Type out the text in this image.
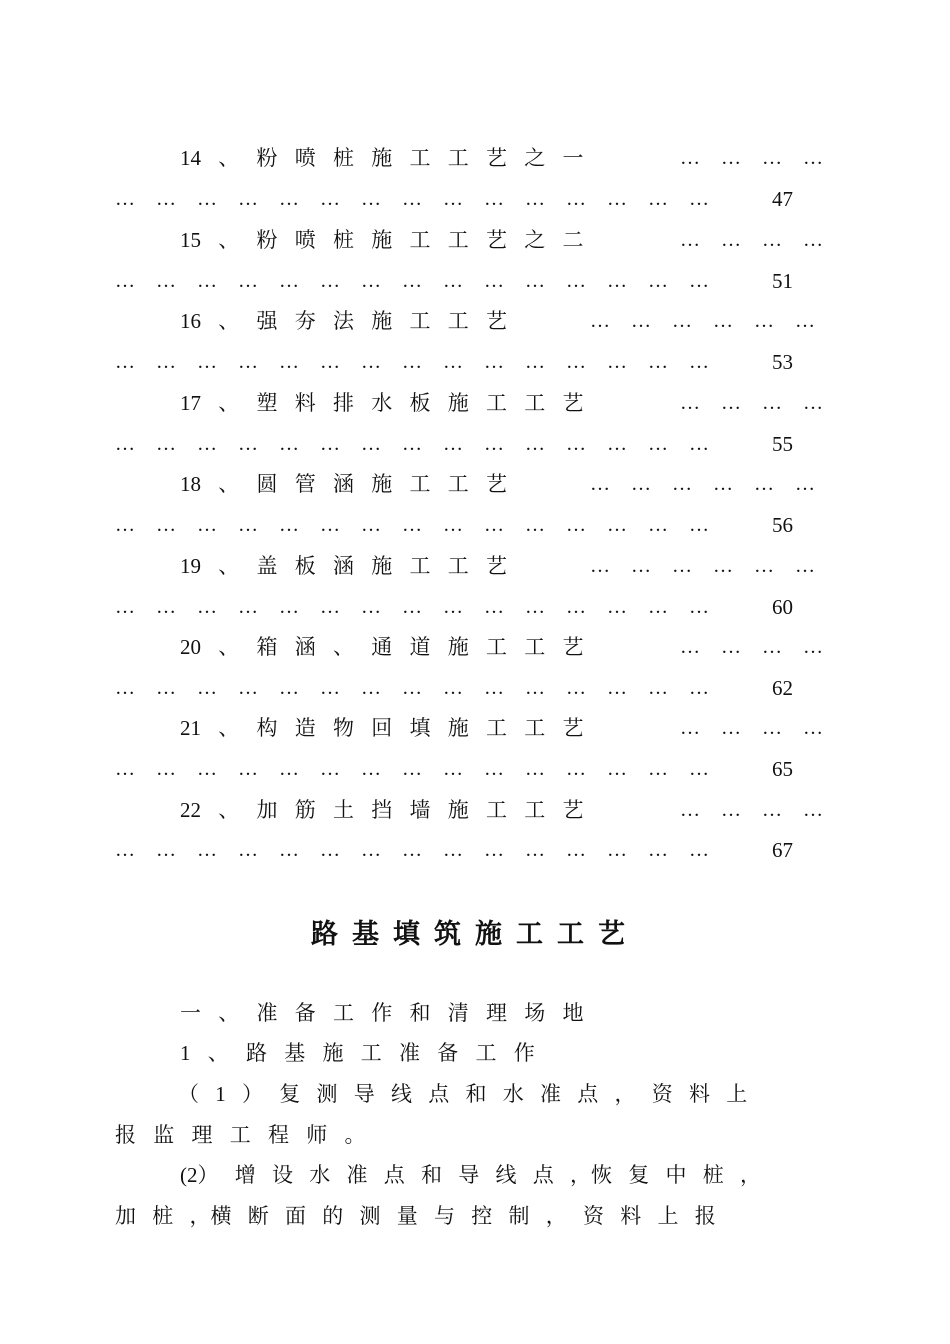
14 、 粉 喷 桩 施 工 工 艺 之 一	… … … …
… … … … … … … … … … … … … … …	47
15 、 粉 喷 桩 施 工 工 艺 之 二	… … … …
… … … … … … … … … … … … … … …	51
16 、 强 夯 法 施 工 工 艺	… … … … … …
… … … … … … … … … … … … … … …	53
17 、 塑 料 排 水 板 施 工 工 艺	… … … …
… … … … … … … … … … … … … … …	55
18 、 圆 管 涵 施 工 工 艺	… … … … … …
… … … … … … … … … … … … … … …	56
19 、 盖 板 涵 施 工 工 艺	… … … … … …
… … … … … … … … … … … … … … …	60
20 、 箱 涵 、 通 道 施 工 工 艺	… … … …
… … … … … … … … … … … … … … …	62
21 、 构 造 物 回 填 施 工 工 艺	… … … …
… … … … … … … … … … … … … … …	65
22 、 加 筋 土 挡 墙 施 工 工 艺	… … … …
… … … … … … … … … … … … … … …	67
路基填筑施工工艺
一 、 准 备 工 作 和 清 理 场 地
1 、 路 基 施 工 准 备 工 作
（ 1 ） 复 测 导 线 点 和 水 准 点 ， 资 料 上
报 监 理 工 程 师 。
(2） 增 设 水 准 点 和 导 线 点 ，恢 复 中 桩 ，
加 桩 ，横 断 面 的 测 量 与 控 制 ， 资 料 上 报
